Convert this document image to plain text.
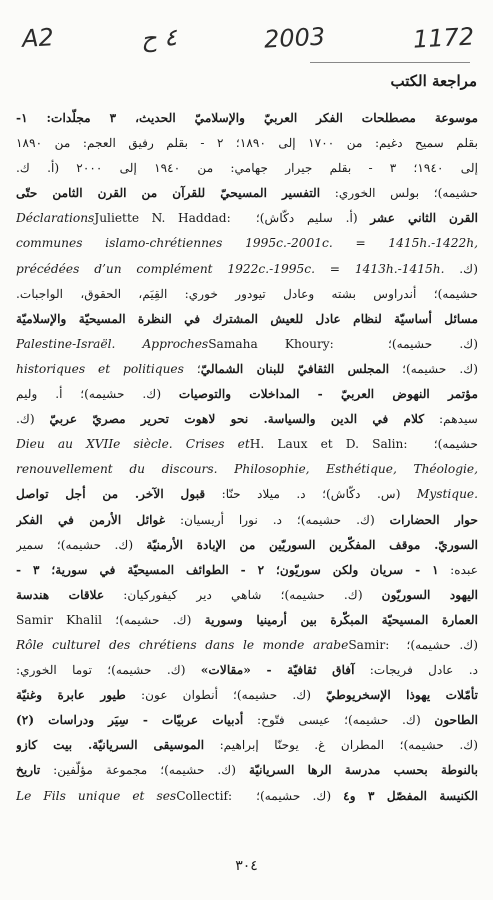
A2	٤ ح	2003	1172
مراجعة الكتب
موسوعة مصطلحات الفكر العربيّ والإسلاميّ الحديث، ٣ مجلّدات: ١-
بقلم سميح دغيم: من ١٧٠٠ إلى ١٨٩٠؛ ٢ - بقلم رفيق العجم: من ١٨٩٠
إلى ١٩٤٠؛ ٣ - بقلم جيرار جهامي: من ١٩٤٠ إلى ٢٠٠٠ (أ. ك.
حشيمه)؛ بولس الخوري: التفسير المسيحيّ للقرآن من القرن الثامن حتّى
القرن الثاني عشر (أ. سليم دكّاش)؛ Juliette N. Haddad: Déclarations
communes islamo-chrétiennes 1995c.-2001c. = 1415h.-1422h,
(ك. précédées d’un complément 1922c.-1995c. = 1413h.-1415h.
حشيمه)؛ أندراوس بشته وعادل تيودور خوري: القِيَم، الحقوق، الواجبات.
مسائل أساسيّة لنظام عادل للعيش المشترك في النظرة المسيحيّة والإسلاميّة
(ك. حشيمه)؛ Samaha Khoury: Palestine-Israël. Approches
(ك. حشيمه)؛ المجلس الثقافيّ للبنان الشماليّ؛ historiques et politiques
مؤتمر النهوض العربيّ - المداخلات والتوصيات (ك. حشيمه)؛ أ. وليم
سيدهم: كلام في الدين والسياسة. نحو لاهوت تحرير مصريّ عربيّ (ك.
حشيمه)؛ H. Laux et D. Salin: Dieu au XVIIe siècle. Crises et
renouvellement du discours. Philosophie, Esthétique, Théologie,
Mystique. (س. دكّاش)؛ د. ميلاد حنّا: قبول الآخر. من أجل تواصل
حوار الحضارات (ك. حشيمه)؛ د. نورا أريسيان: غوائل الأرمن في الفكر
السوريّ. موقف المفكّرين السوريّين من الإبادة الأرمنيّة (ك. حشيمه)؛ سمير
عبده: ١ - سريان ولكن سوريّون؛ ٢ - الطوائف المسيحيّة في سورية؛ ٣ -
اليهود السوريّون (ك. حشيمه)؛ شاهي دير كيفوركيان: علاقات هندسة
العمارة المسيحيّة المبكّرة بين أرمينيا وسورية (ك. حشيمه)؛ Samir Khalil
(ك. حشيمه)؛ Samir: Rôle culturel des chrétiens dans le monde arabe
د. عادل فريجات: آفاق ثقافيّة - «مقالات» (ك. حشيمه)؛ توما الخوري:
تأمّلات يهوذا الإسخريوطيّ (ك. حشيمه)؛ أنطوان عون: طيور عابرة وغنيّة
الطاحون (ك. حشيمه)؛ عيسى فتّوح: أدبيات عربيّات - سِيَر ودراسات (٢)
(ك. حشيمه)؛ المطران غ. يوحنّا إبراهيم: الموسيقى السريانيّة. بيت كازو
بالنوطة بحسب مدرسة الرها السريانيّة (ك. حشيمه)؛ مجموعة مؤلّفين: تاريخ
الكنيسة المفصّل ٣ و٤ (ك. حشيمه)؛ Collectif: Le Fils unique et ses
٣٠٤
